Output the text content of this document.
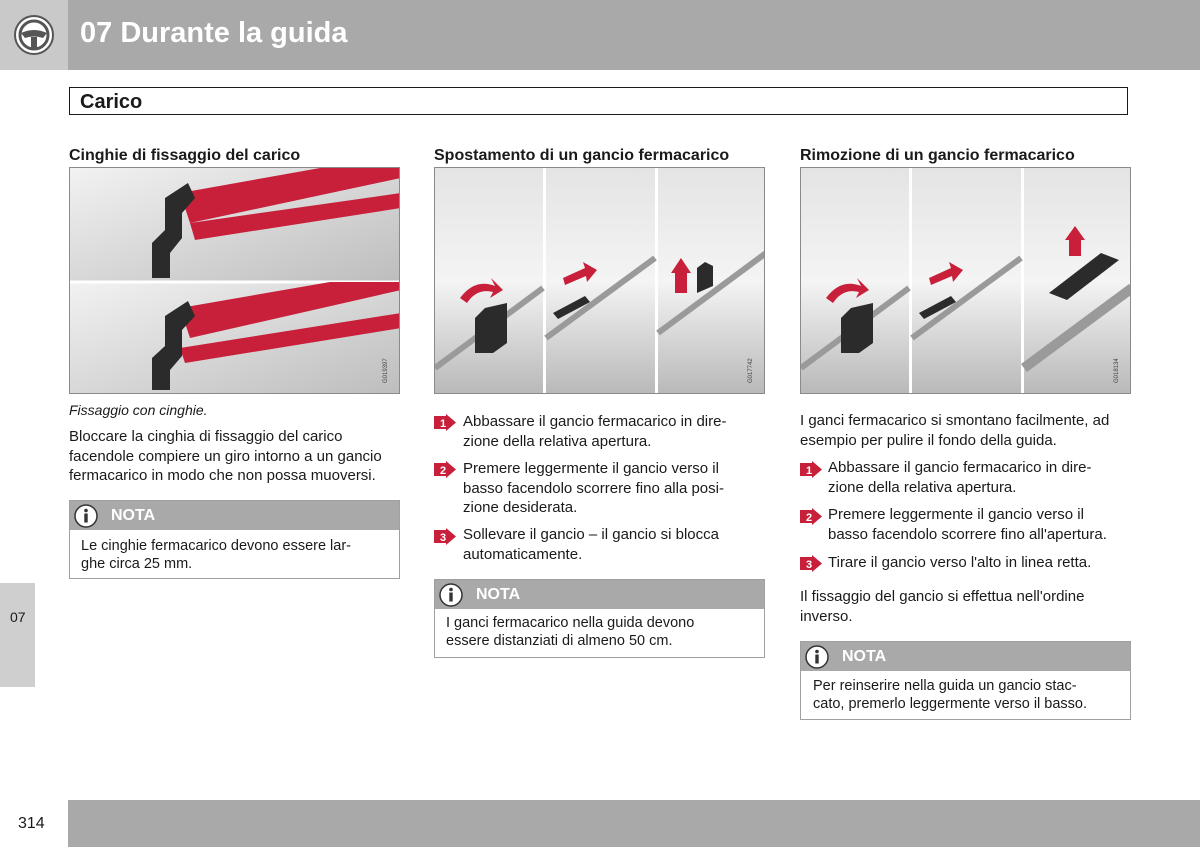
07 Durante la guida
Carico
07
314
Cinghie di fissaggio del carico
G019397
Fissaggio con cinghie.
Bloccare la cinghia di fissaggio del carico
facendole compiere un giro intorno a un gancio
fermacarico in modo che non possa muoversi.
NOTA
Le cinghie fermacarico devono essere lar-
ghe circa 25 mm.
Spostamento di un gancio fermacarico
G017742
1 Abbassare il gancio fermacarico in dire-
zione della relativa apertura.
2 Premere leggermente il gancio verso il
basso facendolo scorrere fino alla posi-
zione desiderata.
3 Sollevare il gancio – il gancio si blocca
automaticamente.
NOTA
I ganci fermacarico nella guida devono
essere distanziati di almeno 50 cm.
Rimozione di un gancio fermacarico
G018134
I ganci fermacarico si smontano facilmente, ad
esempio per pulire il fondo della guida.
1 Abbassare il gancio fermacarico in dire-
zione della relativa apertura.
2 Premere leggermente il gancio verso il
basso facendolo scorrere fino all'apertura.
3 Tirare il gancio verso l'alto in linea retta.
Il fissaggio del gancio si effettua nell'ordine
inverso.
NOTA
Per reinserire nella guida un gancio stac-
cato, premerlo leggermente verso il basso.
